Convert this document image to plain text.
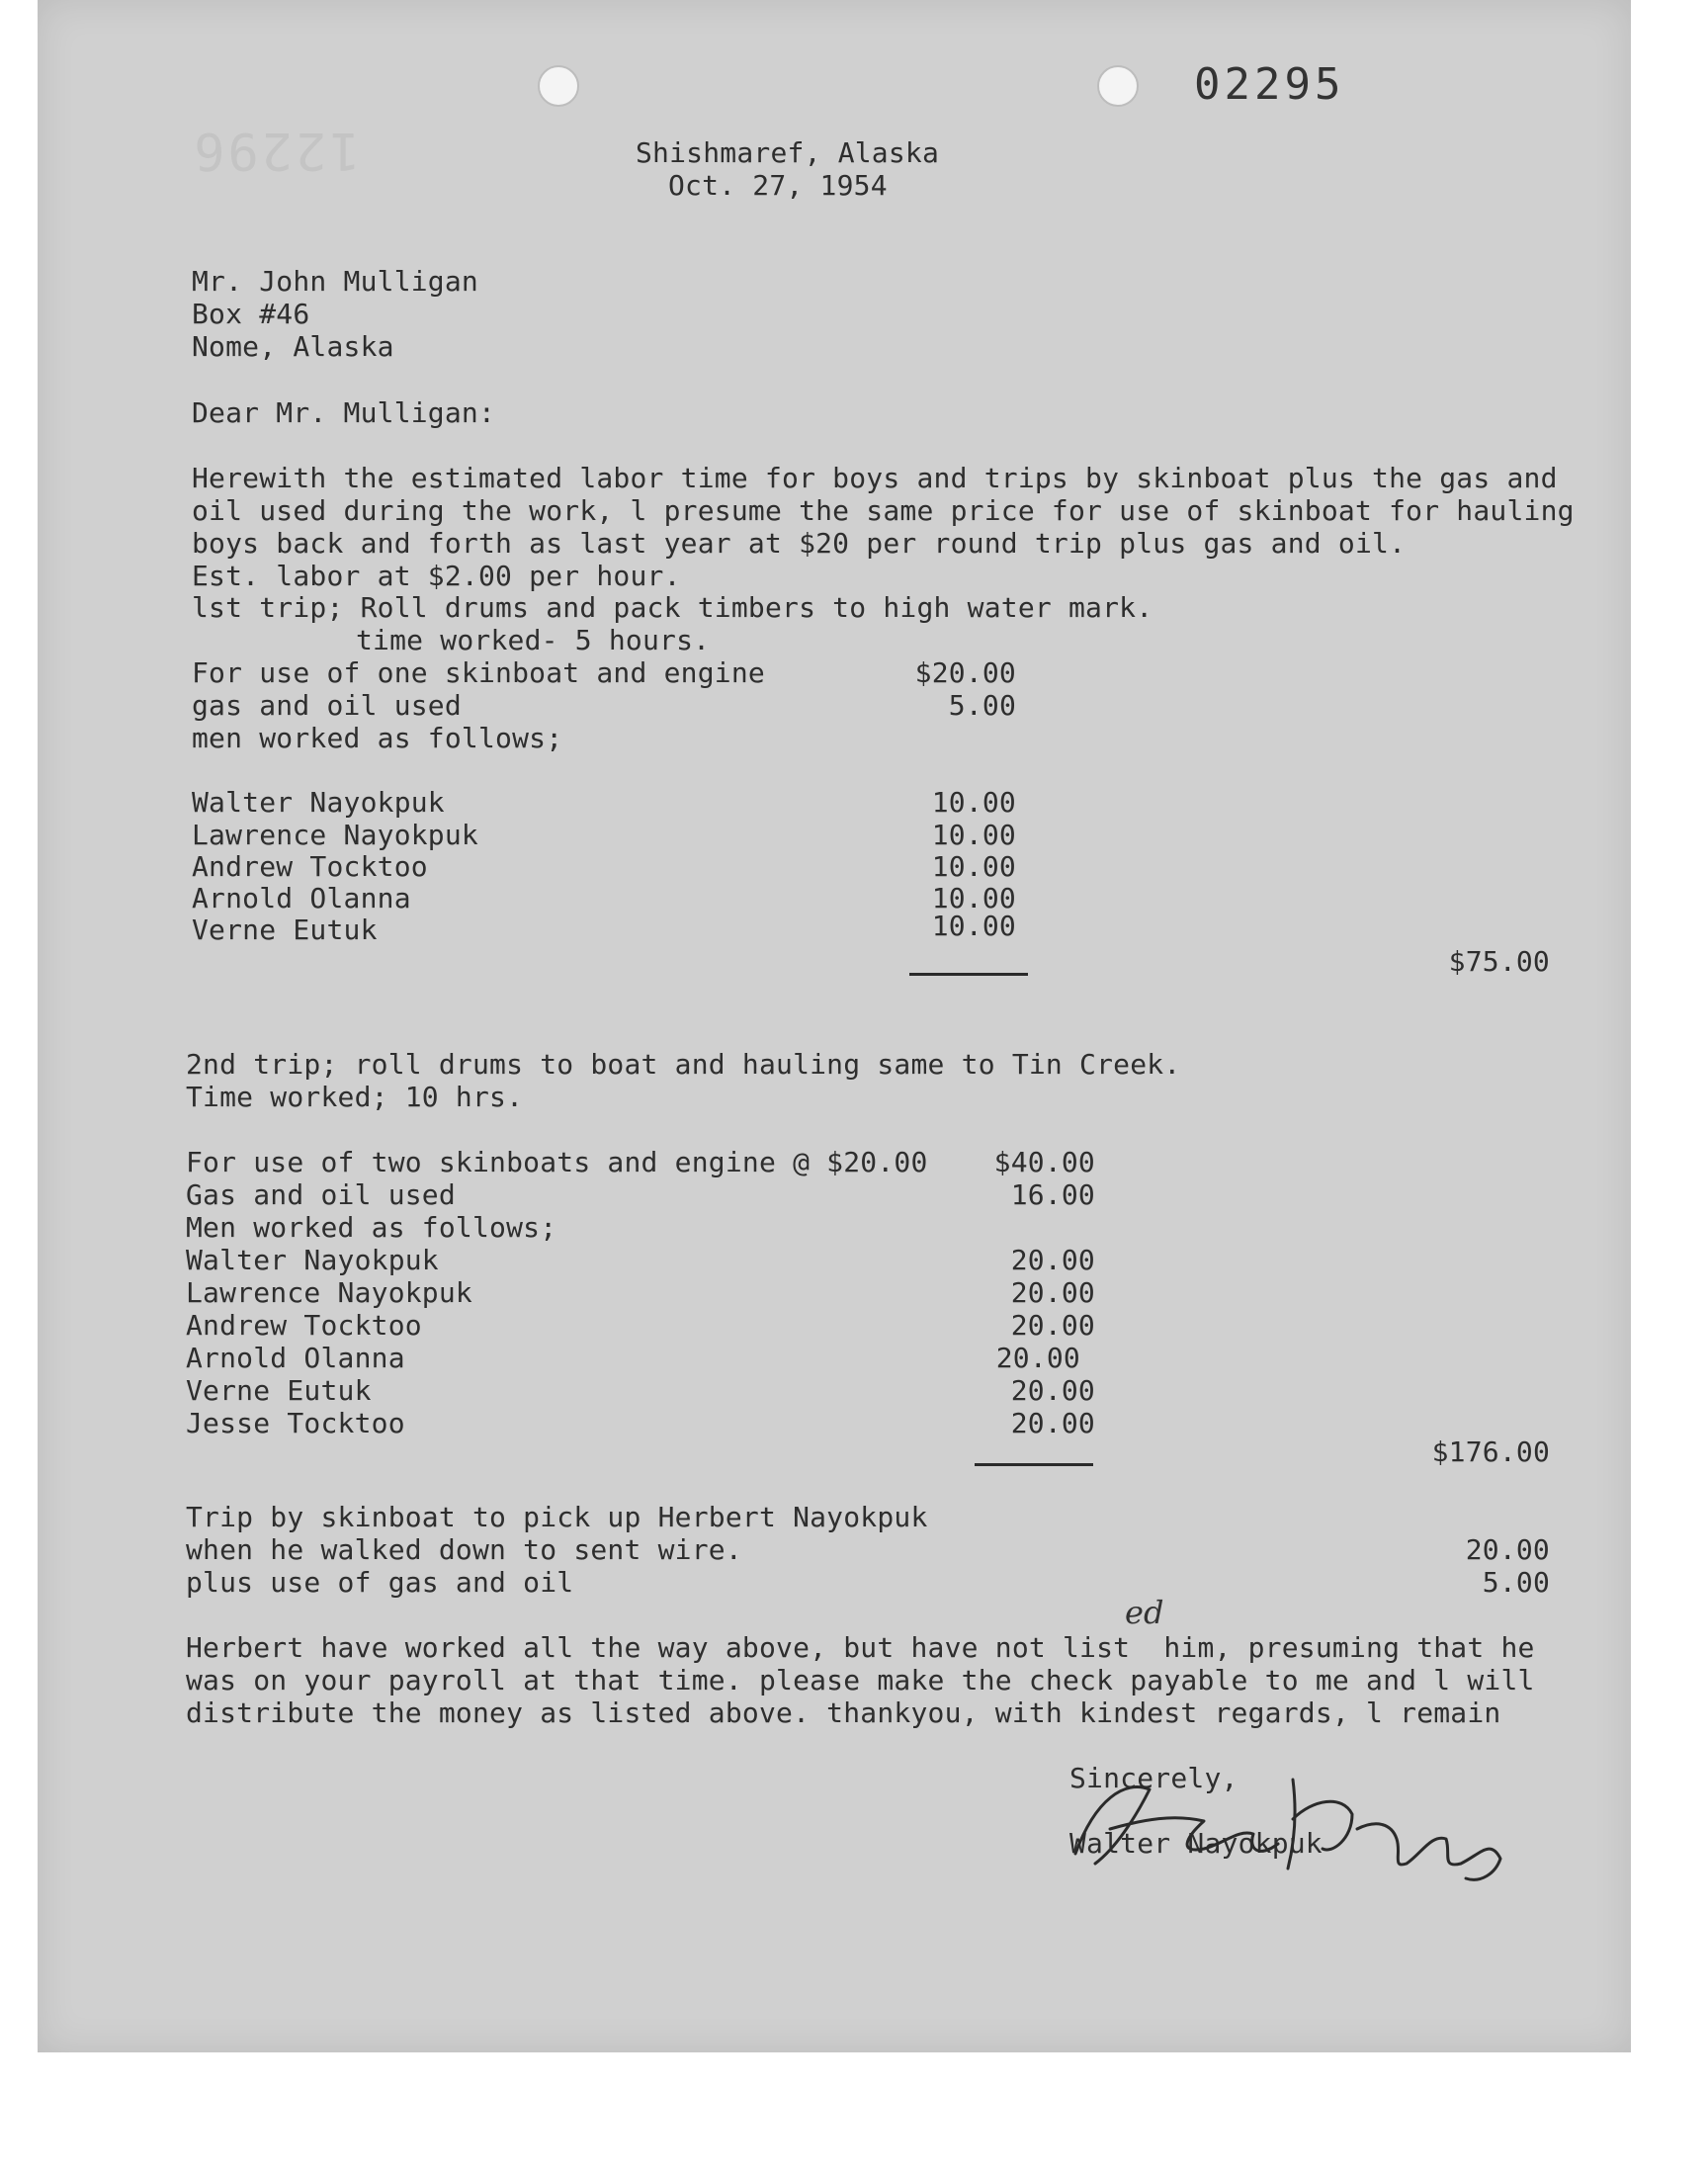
02295
12296	Shishmaref, Alaska
Oct. 27, 1954
Mr. John Mulligan
Box #46
Nome, Alaska
Dear Mr. Mulligan:
Herewith the estimated labor time for boys and trips by skinboat plus the gas and
oil used during the work, l presume the same price for use of skinboat for hauling
boys back and forth as last year at $20 per round trip plus gas and oil.
Est. labor at $2.00 per hour.
lst trip; Roll drums and pack timbers to high water mark.
time worked- 5 hours.
For use of one skinboat and engine	$20.00
gas and oil used	5.00
men worked as follows;
Walter Nayokpuk	10.00
Lawrence Nayokpuk	10.00
Andrew Tocktoo	10.00
Arnold Olanna	10.00
Verne Eutuk	10.00
$75.00
2nd trip; roll drums to boat and hauling same to Tin Creek.
Time worked; 10 hrs.
For use of two skinboats and engine @ $20.00	$40.00
Gas and oil used	16.00
Men worked as follows;
Walter Nayokpuk	20.00
Lawrence Nayokpuk	20.00
Andrew Tocktoo	20.00
Arnold Olanna	20.00
Verne Eutuk	20.00
Jesse Tocktoo	20.00
$176.00
Trip by skinboat to pick up Herbert Nayokpuk
when he walked down to sent wire.	20.00
plus use of gas and oil	5.00
Herbert have worked all the way above, but have not list  him, presuming that he
was on your payroll at that time. please make the check payable to me and l will
distribute the money as listed above. thankyou, with kindest regards, l remain
ed
Sincerely,
Walter Nayokpuk
